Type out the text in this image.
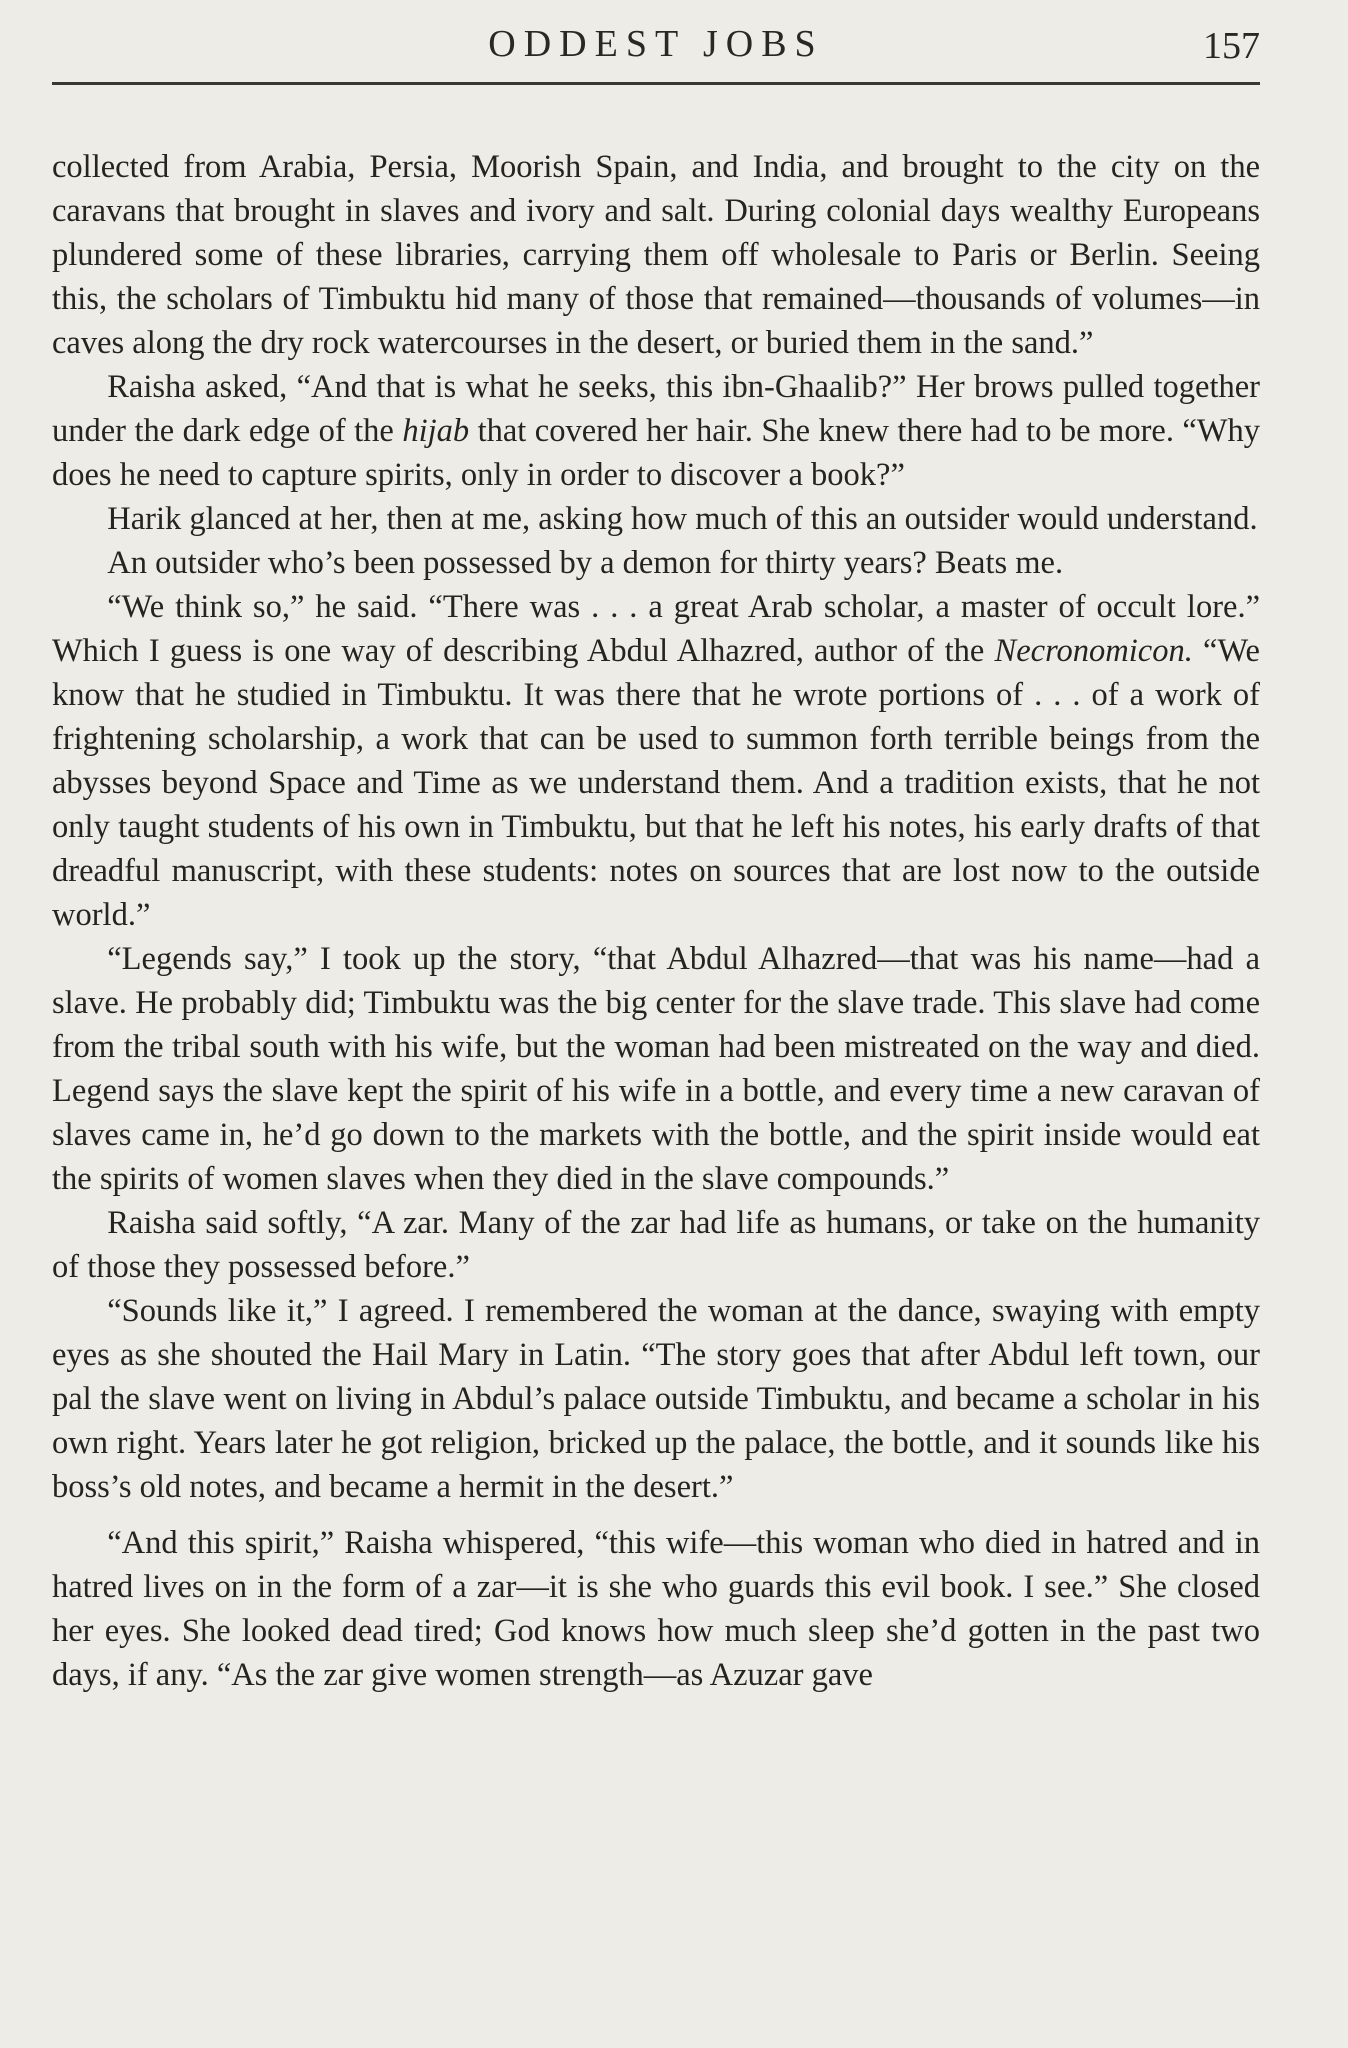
ODDEST JOBS	157

collected from Arabia, Persia, Moorish Spain, and India, and brought to the city on the caravans that brought in slaves and ivory and salt. During colonial days wealthy Europeans plundered some of these libraries, carrying them off wholesale to Paris or Berlin. Seeing this, the scholars of Timbuktu hid many of those that remained—thousands of volumes—in caves along the dry rock watercourses in the desert, or buried them in the sand.”

Raisha asked, “And that is what he seeks, this ibn-Ghaalib?” Her brows pulled together under the dark edge of the hijab that covered her hair. She knew there had to be more. “Why does he need to capture spirits, only in order to discover a book?”

Harik glanced at her, then at me, asking how much of this an outsider would understand.

An outsider who’s been possessed by a demon for thirty years? Beats me.

“We think so,” he said. “There was . . . a great Arab scholar, a master of occult lore.” Which I guess is one way of describing Abdul Alhazred, author of the Necronomicon. “We know that he studied in Timbuktu. It was there that he wrote portions of . . . of a work of frightening scholarship, a work that can be used to summon forth terrible beings from the abysses beyond Space and Time as we understand them. And a tradition exists, that he not only taught students of his own in Timbuktu, but that he left his notes, his early drafts of that dreadful manuscript, with these students: notes on sources that are lost now to the outside world.”

“Legends say,” I took up the story, “that Abdul Alhazred—that was his name—had a slave. He probably did; Timbuktu was the big center for the slave trade. This slave had come from the tribal south with his wife, but the woman had been mistreated on the way and died. Legend says the slave kept the spirit of his wife in a bottle, and every time a new caravan of slaves came in, he’d go down to the markets with the bottle, and the spirit inside would eat the spirits of women slaves when they died in the slave compounds.”

Raisha said softly, “A zar. Many of the zar had life as humans, or take on the humanity of those they possessed before.”

“Sounds like it,” I agreed. I remembered the woman at the dance, swaying with empty eyes as she shouted the Hail Mary in Latin. “The story goes that after Abdul left town, our pal the slave went on living in Abdul’s palace outside Timbuktu, and became a scholar in his own right. Years later he got religion, bricked up the palace, the bottle, and it sounds like his boss’s old notes, and became a hermit in the desert.”

“And this spirit,” Raisha whispered, “this wife—this woman who died in hatred and in hatred lives on in the form of a zar—it is she who guards this evil book. I see.” She closed her eyes. She looked dead tired; God knows how much sleep she’d gotten in the past two days, if any. “As the zar give women strength—as Azuzar gave
